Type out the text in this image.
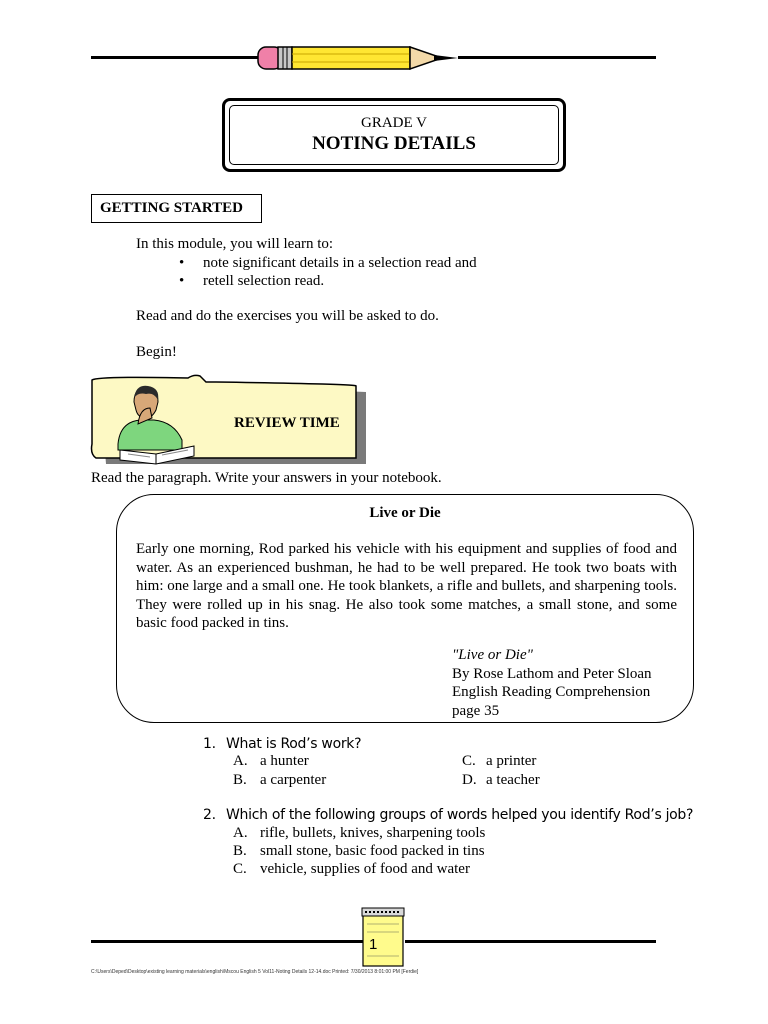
GRADE V
NOTING DETAILS
GETTING STARTED
In this module, you will learn to:
• note significant details in a selection read and
• retell selection read.
Read and do the exercises you will be asked to do.
Begin!
REVIEW TIME
Read the paragraph. Write your answers in your notebook.
Live or Die
Early one morning, Rod parked his vehicle with his equipment and supplies of food and water. As an experienced bushman, he had to be well prepared. He took two boats with him: one large and a small one. He took blankets, a rifle and bullets, and sharpening tools. They were rolled up in his snag. He also took some matches, a small stone, and some basic food packed in tins.
"Live or Die"
By Rose Lathom and Peter Sloan
English Reading Comprehension
page 35
1. What is Rod’s work?
A. a hunter
B. a carpenter
C. a printer
D. a teacher
2. Which of the following groups of words helped you identify Rod’s job?
A. rifle, bullets, knives, sharpening tools
B. small stone, basic food packed in tins
C. vehicle, supplies of food and water
1
C:\Users\Deped\Desktop\existing learning materials\english\Mscou English 5 Vol11-Noting Details 12-14.doc Printed: 7/30/2013 8:01:00 PM [Ferdie]
